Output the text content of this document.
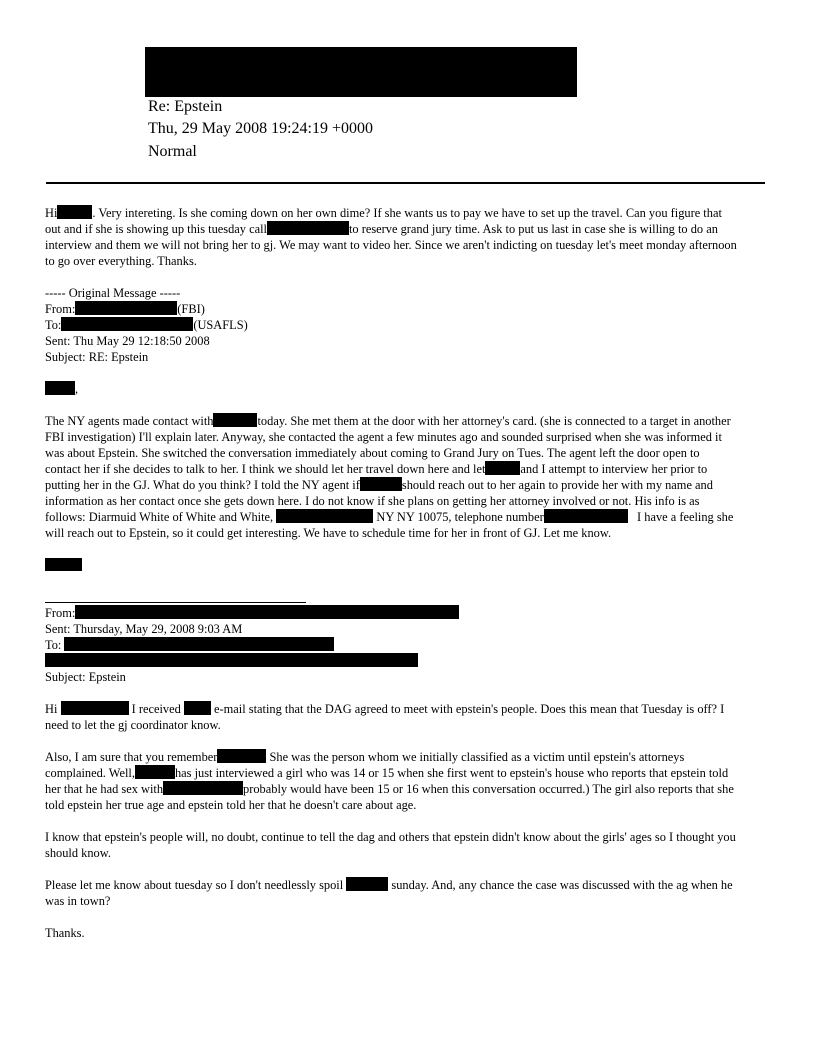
Re: Epstein
Thu, 29 May 2008 19:24:19 +0000
Normal
Hi	. Very intereting. Is she coming down on her own dime? If she wants us to pay we have to set up the travel. Can you figure that
out and if she is showing up this tuesday call	to reserve grand jury time. Ask to put us last in case she is willing to do an
interview and them we will not bring her to gj. We may want to video her. Since we aren't indicting on tuesday let's meet monday afternoon
to go over everything. Thanks.
----- Original Message -----
From:	(FBI)
To:	(USAFLS)
Sent: Thu May 29 12:18:50 2008
Subject: RE: Epstein
,
The NY agents made contact with	today. She met them at the door with her attorney's card. (she is connected to a target in another
FBI investigation) I'll explain later. Anyway, she contacted the agent a few minutes ago and sounded surprised when she was informed it
was about Epstein. She switched the conversation immediately about coming to Grand Jury on Tues. The agent left the door open to
contact her if she decides to talk to her. I think we should let her travel down here and let	and I attempt to interview her prior to
putting her in the GJ. What do you think? I told the NY agent if	should reach out to her again to provide her with my name and
information as her contact once she gets down here. I do not know if she plans on getting her attorney involved or not. His info is as
follows: Diarmuid White of White and White,	NY NY 10075, telephone number	I have a feeling she
will reach out to Epstein, so it could get interesting. We have to schedule time for her in front of GJ. Let me know.
From:
Sent: Thursday, May 29, 2008 9:03 AM
To:
Subject: Epstein
Hi	I received	e-mail stating that the DAG agreed to meet with epstein's people. Does this mean that Tuesday is off? I
need to let the gj coordinator know.
Also, I am sure that you remember	She was the person whom we initially classified as a victim until epstein's attorneys
complained. Well,	has just interviewed a girl who was 14 or 15 when she first went to epstein's house who reports that epstein told
her that he had sex with	probably would have been 15 or 16 when this conversation occurred.) The girl also reports that she
told epstein her true age and epstein told her that he doesn't care about age.
I know that epstein's people will, no doubt, continue to tell the dag and others that epstein didn't know about the girls' ages so I thought you
should know.
Please let me know about tuesday so I don't needlessly spoil	sunday. And, any chance the case was discussed with the ag when he
was in town?
Thanks.
